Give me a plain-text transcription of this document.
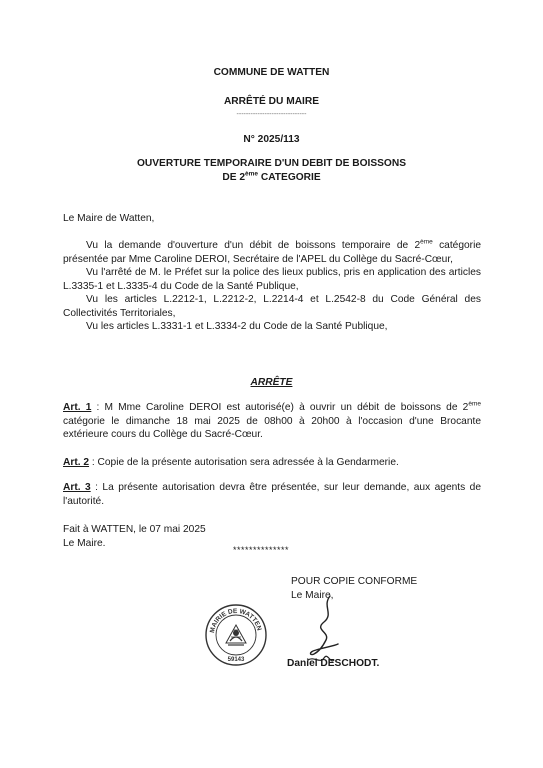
COMMUNE DE WATTEN
ARRÊTÉ DU MAIRE
------------------------------
N° 2025/113
OUVERTURE TEMPORAIRE D'UN DEBIT DE BOISSONS
DE 2ème CATEGORIE
Le Maire de Watten,

Vu la demande d'ouverture d'un débit de boissons temporaire de 2ème catégorie présentée par Mme Caroline DEROI, Secrétaire de l'APEL du Collège du Sacré-Cœur,

Vu l'arrêté de M. le Préfet sur la police des lieux publics, pris en application des articles L.3335-1 et L.3335-4 du Code de la Santé Publique,

Vu les articles L.2212-1, L.2212-2, L.2214-4 et L.2542-8 du Code Général des Collectivités Territoriales,

Vu les articles L.3331-1 et L.3334-2 du Code de la Santé Publique,

ARRÊTE

Art. 1 : M Mme Caroline DEROI est autorisé(e) à ouvrir un débit de boissons de 2ème catégorie le dimanche 18 mai 2025 de 08h00 à 20h00 à l'occasion d'une Brocante extérieure cours du Collège du Sacré-Cœur.

Art. 2 : Copie de la présente autorisation sera adressée à la Gendarmerie.

Art. 3 : La présente autorisation devra être présentée, sur leur demande, aux agents de l'autorité.

Fait à WATTEN, le 07 mai 2025
Le Maire.
**************
POUR COPIE CONFORME
Le Maire,
MAIRIE DE WATTEN
59143	Daniel DESCHODT.
